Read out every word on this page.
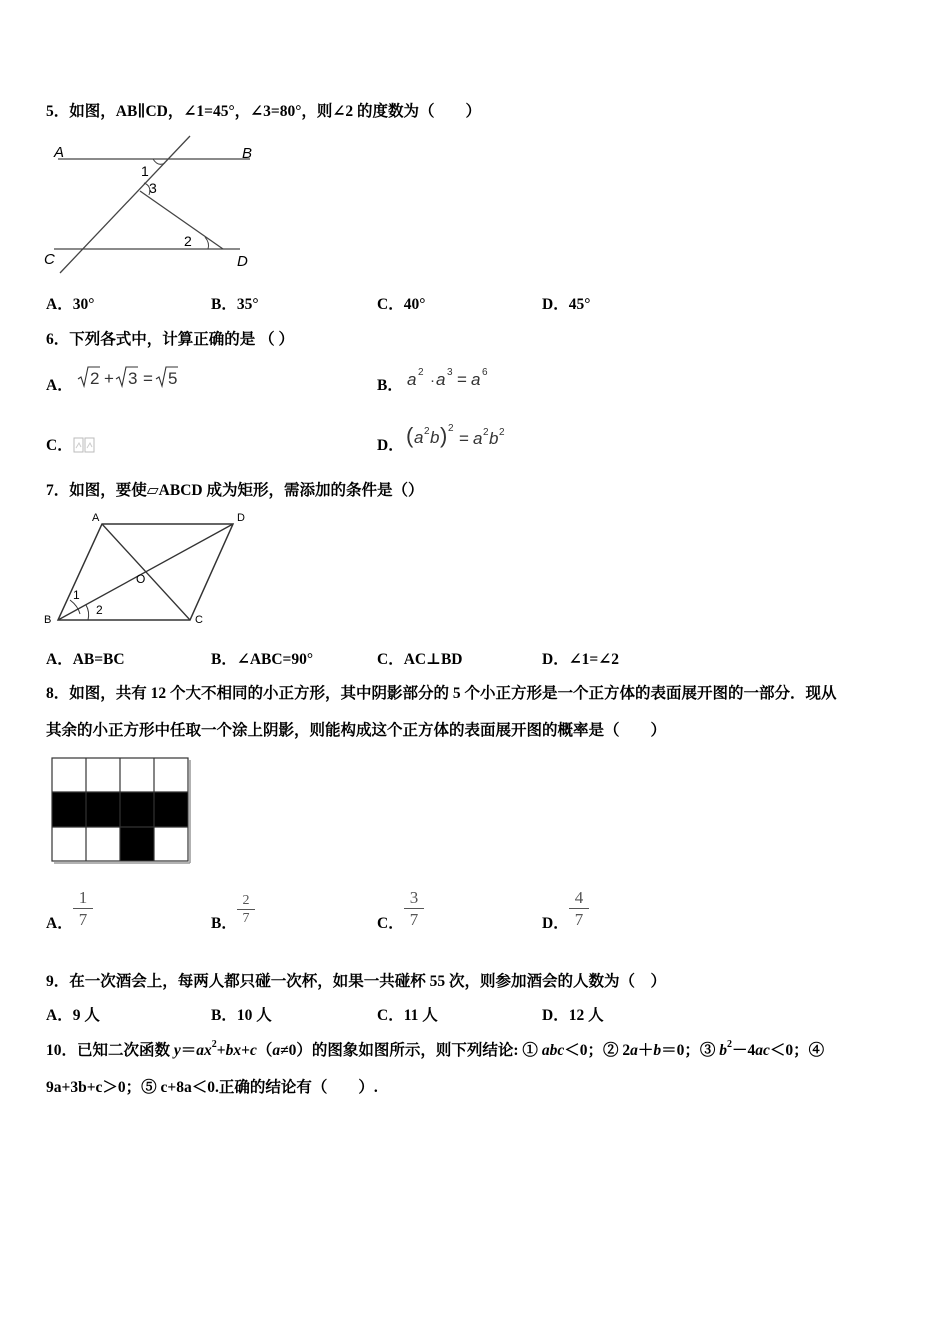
5．如图，AB∥CD，∠1=45°，∠3=80°，则∠2 的度数为（　　）
A	B
C	D
1
3
2
A．30°	B．35°	C．40°	D．45°
6．下列各式中，计算正确的是 （ ）
A． 2 + 3 = 5	B． a 2 · a 3 = a 6
C．	D． ( a 2 b ) 2
= a 2 b 2
7．如图，要使▱ABCD 成为矩形，需添加的条件是（）
A	D
B	C
O
1
2
A．AB=BC	B．∠ABC=90°	C．AC⊥BD	D．∠1=∠2
8．如图，共有 12 个大不相同的小正方形，其中阴影部分的 5 个小正方形是一个正方体的表面展开图的一部分．现从
其余的小正方形中任取一个涂上阴影，则能构成这个正方体的表面展开图的概率是（　　）
A． $\frac{1}{7}$	B． $\frac{2}{7}$	C． $\frac{3}{7}$	D． $\frac{4}{7}$
9．在一次酒会上，每两人都只碰一次杯，如果一共碰杯 55 次，则参加酒会的人数为（　）
A．9 人	B．10 人	C．11 人	D．12 人
10．已知二次函数 $y=ax^2+bx+c(a\ne 0)$的图象如图所示，则下列结论: ① abc＜0；② 2a＋b＝0；③ $b^2-4ac<0$；④
9a+3b+c＞0；⑤ c+8a＜0.正确的结论有（　　）.
